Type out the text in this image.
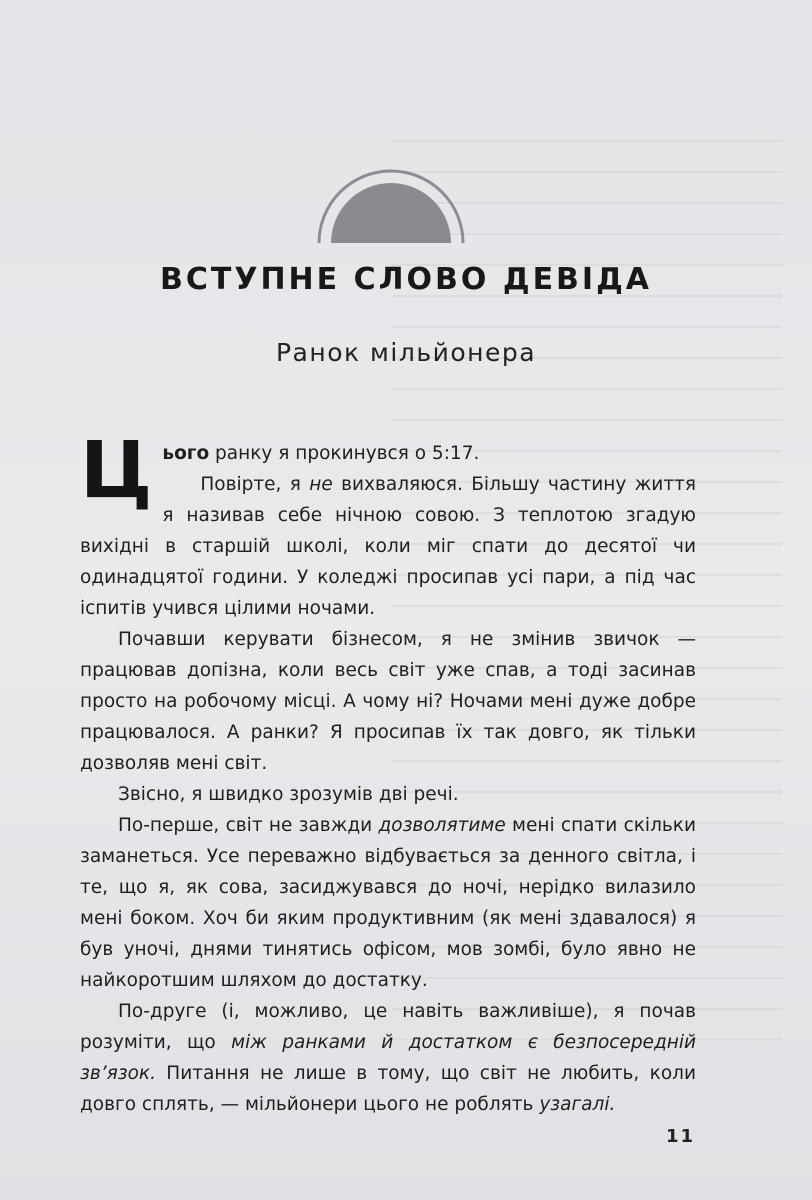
ВСТУПНЕ СЛОВО ДЕВІДА
Ранок мільйонера

Цього ранку я прокинувся о 5:17.

Повірте, я не вихваляюся. Більшу частину життя я називав себе нічною совою. З теплотою згадую вихідні в старшій школі, коли міг спати до десятої чи одинадцятої години. У коледжі просипав усі пари, а під час іспитів учився цілими ночами.

Почавши керувати бізнесом, я не змінив звичок — працював допізна, коли весь світ уже спав, а тоді засинав просто на робочому місці. А чому ні? Ночами мені дуже добре працювалося. А ранки? Я просипав їх так довго, як тільки дозволяв мені світ.

Звісно, я швидко зрозумів дві речі.

По-перше, світ не завжди дозволятиме мені спати скільки заманеться. Усе переважно відбувається за денного світла, і те, що я, як сова, засиджувався до ночі, нерідко вилазило мені боком. Хоч би яким продуктивним (як мені здавалося) я був уночі, днями тинятись офісом, мов зомбі, було явно не найкоротшим шляхом до достатку.

По-друге (і, можливо, це навіть важливіше), я почав розуміти, що між ранками й достатком є безпосередній зв’язок. Питання не лише в тому, що світ не любить, коли довго сплять, — мільйонери цього не роблять узагалі.

11
